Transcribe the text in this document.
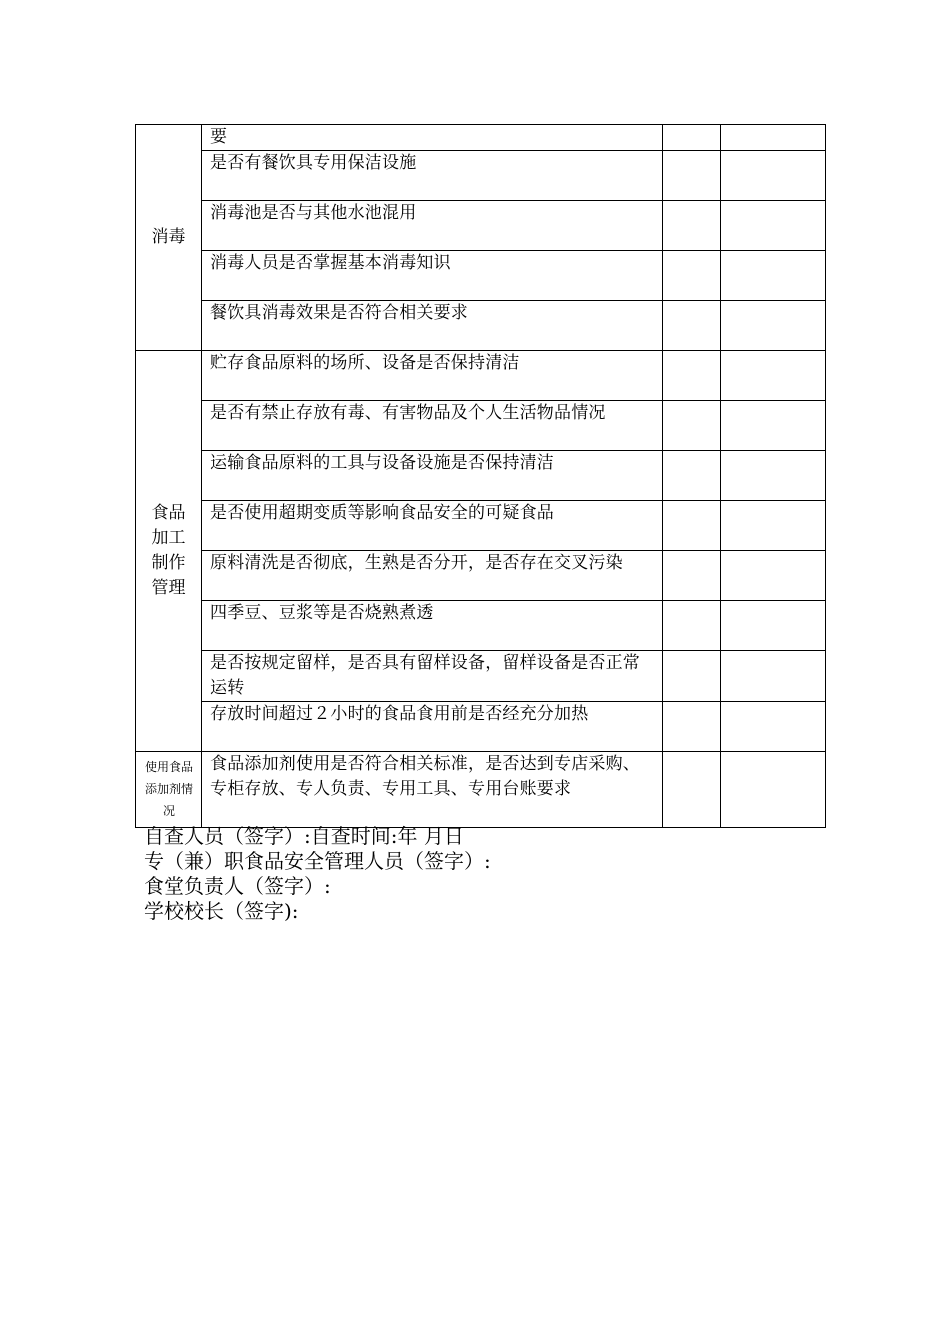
消毒	要		

	是否有餐饮具专用保洁设施		

	消毒池是否与其他水池混用		

	消毒人员是否掌握基本消毒知识		

	餐饮具消毒效果是否符合相关要求		

食品加工制作管理	贮存食品原料的场所、设备是否保持清洁		

	是否有禁止存放有毒、有害物品及个人生活物品情况		

	运输食品原料的工具与设备设施是否保持清洁		

	是否使用超期变质等影响食品安全的可疑食品		

	原料清洗是否彻底，生熟是否分开，是否存在交叉污染		

	四季豆、豆浆等是否烧熟煮透		

	是否按规定留样，是否具有留样设备，留样设备是否正常运转		

	存放时间超过２小时的食品食用前是否经充分加热		

使用食品添加剂情况	食品添加剂使用是否符合相关标准，是否达到专店采购、专柜存放、专人负责、专用工具、专用台账要求		

自查人员（签字）:自查时间:年 月日
专（兼）职食品安全管理人员（签字）:
食堂负责人（签字）:
学校校长（签字):
